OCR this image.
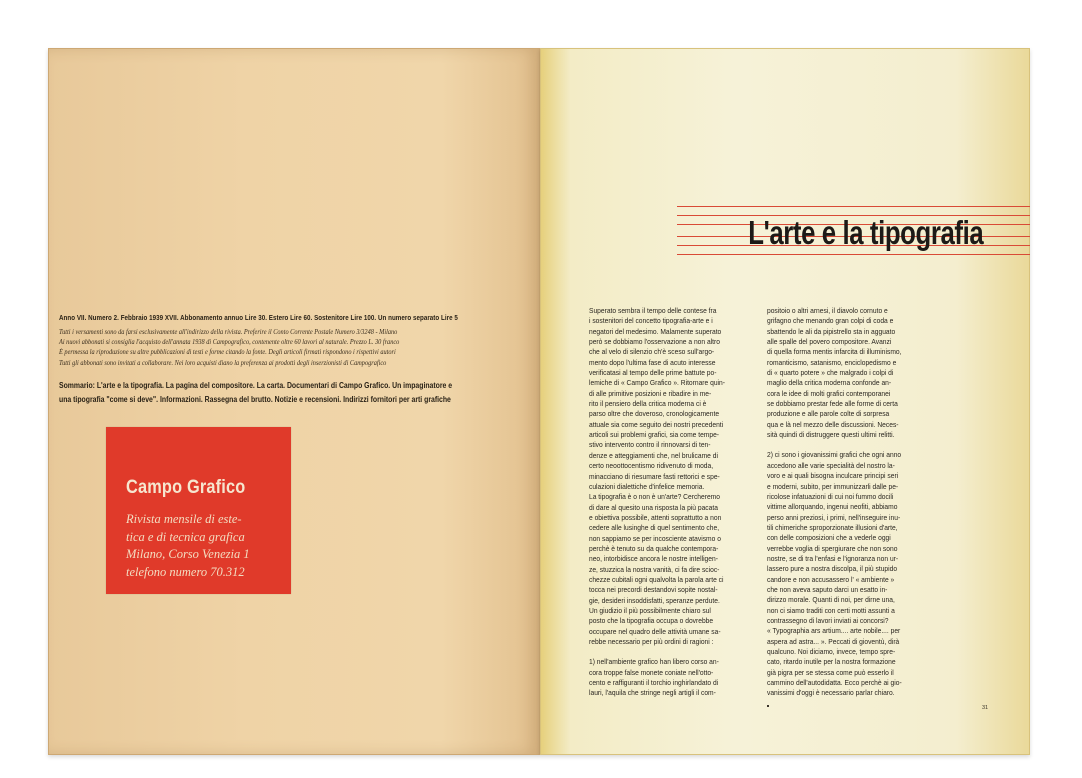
Anno VII. Numero 2. Febbraio 1939 XVII. Abbonamento annuo Lire 30. Estero Lire 60. Sostenitore Lire 100. Un numero separato Lire 5
Tutti i versamenti sono da farsi esclusivamente all'indirizzo della rivista. Preferire il Conto Corrente Postale Numero 3/3248 - Milano
Ai nuovi abbonati si consiglia l'acquisto dell'annata 1938 di Campografico, contenente oltre 60 lavori al naturale. Prezzo L. 30 franco
È permessa la riproduzione su altre pubblicazioni di testi e forme citando la fonte. Degli articoli firmati rispondono i rispettivi autori
Tutti gli abbonati sono invitati a collaborare. Nei loro acquisti diano la preferenza ai prodotti degli inserzionisti di Campografico
Sommario: L'arte e la tipografia. La pagina del compositore. La carta. Documentari di Campo Grafico. Un impaginatore e
una tipografia "come si deve". Informazioni. Rassegna del brutto. Notizie e recensioni. Indirizzi fornitori per arti grafiche
Campo Grafico
Rivista mensile di este-
tica e di tecnica grafica
Milano, Corso Venezia 1
telefono numero 70.312
L'arte e la tipografia
Superato sembra il tempo delle contese fra
i sostenitori del concetto tipografia-arte e i
negatori del medesimo. Malamente superato
però se dobbiamo l'osservazione a non altro
che al velo di silenzio ch'è sceso sull'argo-
mento dopo l'ultima fase di acuto interesse
verificatasi al tempo delle prime battute po-
lemiche di « Campo Grafico ». Ritornare quin-
di alle primitive posizioni e ribadire in me-
rito il pensiero della critica moderna ci è
parso oltre che doveroso, cronologicamente
attuale sia come seguito dei nostri precedenti
articoli sui problemi grafici, sia come tempe-
stivo intervento contro il rinnovarsi di ten-
denze e atteggiamenti che, nel brulicame di
certo neoottocentismo ridivenuto di moda,
minacciano di riesumare fasti rettorici e spe-
culazioni dialettiche d'infelice memoria.
La tipografia è o non è un'arte? Cercheremo
di dare al quesito una risposta la più pacata
e obiettiva possibile, attenti soprattutto a non
cedere alle lusinghe di quel sentimento che,
non sappiamo se per incosciente atavismo o
perchè è tenuto su da qualche contempora-
neo, intorbidisce ancora le nostre intelligen-
ze, stuzzica la nostra vanità, ci fa dire scioc-
chezze cubitali ogni qualvolta la parola arte ci
tocca nei precordi destandovi sopite nostal-
gie, desideri insoddisfatti, speranze perdute.
Un giudizio il più possibilmente chiaro sul
posto che la tipografia occupa o dovrebbe
occupare nel quadro delle attività umane sa-
rebbe necessario per più ordini di ragioni :
1) nell'ambiente grafico han libero corso an-
cora troppe false monete coniate nell'otto-
cento e raffiguranti il torchio inghirlandato di
lauri, l'aquila che stringe negli artigli il com-
positoio o altri arnesi, il diavolo cornuto e
grifagno che menando gran colpi di coda e
sbattendo le ali da pipistrello sta in agguato
alle spalle del povero compositore. Avanzi
di quella forma mentis infarcita di illuminismo,
romanticismo, satanismo, enciclopedismo e
di « quarto potere » che malgrado i colpi di
maglio della critica moderna confonde an-
cora le idee di molti grafici contemporanei
se dobbiamo prestar fede alle forme di certa
produzione e alle parole colte di sorpresa
qua e là nel mezzo delle discussioni. Neces-
sità quindi di distruggere questi ultimi relitti.
2) ci sono i giovanissimi grafici che ogni anno
accedono alle varie specialità del nostro la-
voro e ai quali bisogna inculcare principi seri
e moderni, subito, per immunizzarli dalle pe-
ricolose infatuazioni di cui noi fummo docili
vittime allorquando, ingenui neofiti, abbiamo
perso anni preziosi, i primi, nell'inseguire inu-
tili chimeriche sproporzionate illusioni d'arte,
con delle composizioni che a vederle oggi
verrebbe voglia di spergiurare che non sono
nostre, se di tra l'enfasi e l'ignoranza non ur-
lassero pure a nostra discolpa, il più stupido
candore e non accusassero l' « ambiente »
che non aveva saputo darci un esatto in-
dirizzo morale. Quanti di noi, per dirne una,
non ci siamo traditi con certi motti assunti a
contrassegno di lavori inviati ai concorsi?
« Typographia ars artium.... arte nobile.... per
aspera ad astra... ». Peccati di gioventù, dirà
qualcuno. Noi diciamo, invece, tempo spre-
cato, ritardo inutile per la nostra formazione
già pigra per se stessa come può esserlo il
cammino dell'autodidatta. Ecco perchè ai gio-
vanissimi d'oggi è necessario parlar chiaro.
31
